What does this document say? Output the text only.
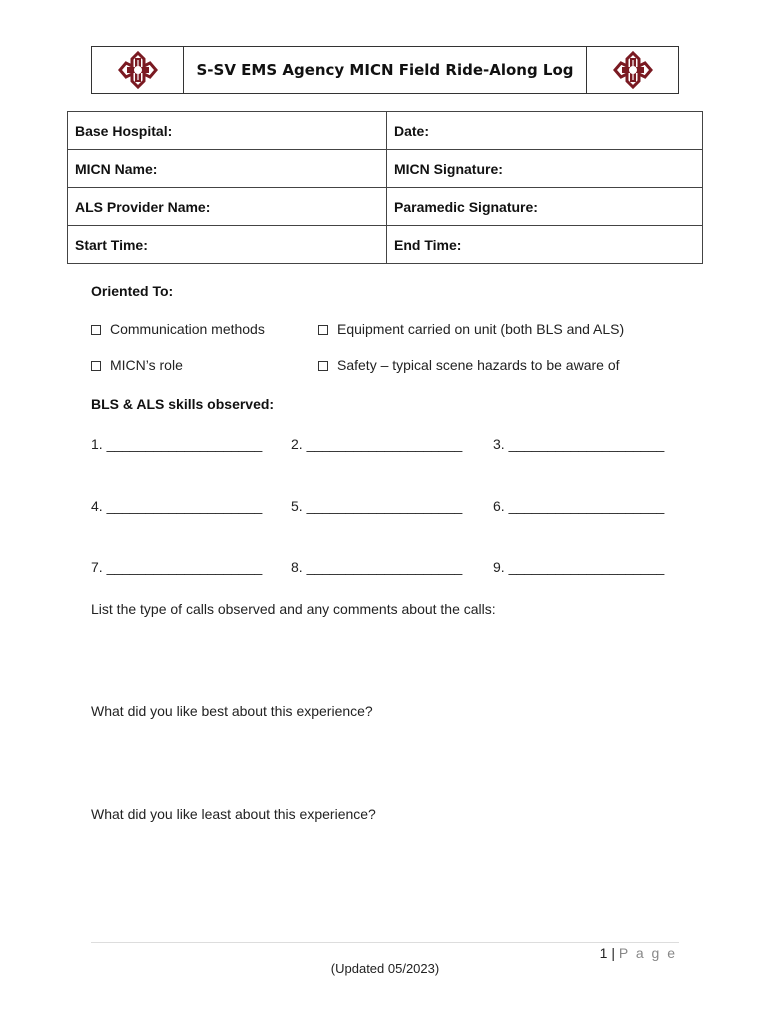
S-SV EMS Agency MICN Field Ride-Along Log
Base Hospital:	Date:
MICN Name:	MICN Signature:
ALS Provider Name:	Paramedic Signature:
Start Time:	End Time:
Oriented To:
Communication methods	Equipment carried on unit (both BLS and ALS)
MICN’s role	Safety – typical scene hazards to be aware of
BLS & ALS skills observed:
1. ____________________ 2. ____________________ 3. ____________________
4. ____________________ 5. ____________________ 6. ____________________
7. ____________________ 8. ____________________ 9. ____________________
List the type of calls observed and any comments about the calls:
What did you like best about this experience?
What did you like least about this experience?
1 | P a g e
(Updated 05/2023)
